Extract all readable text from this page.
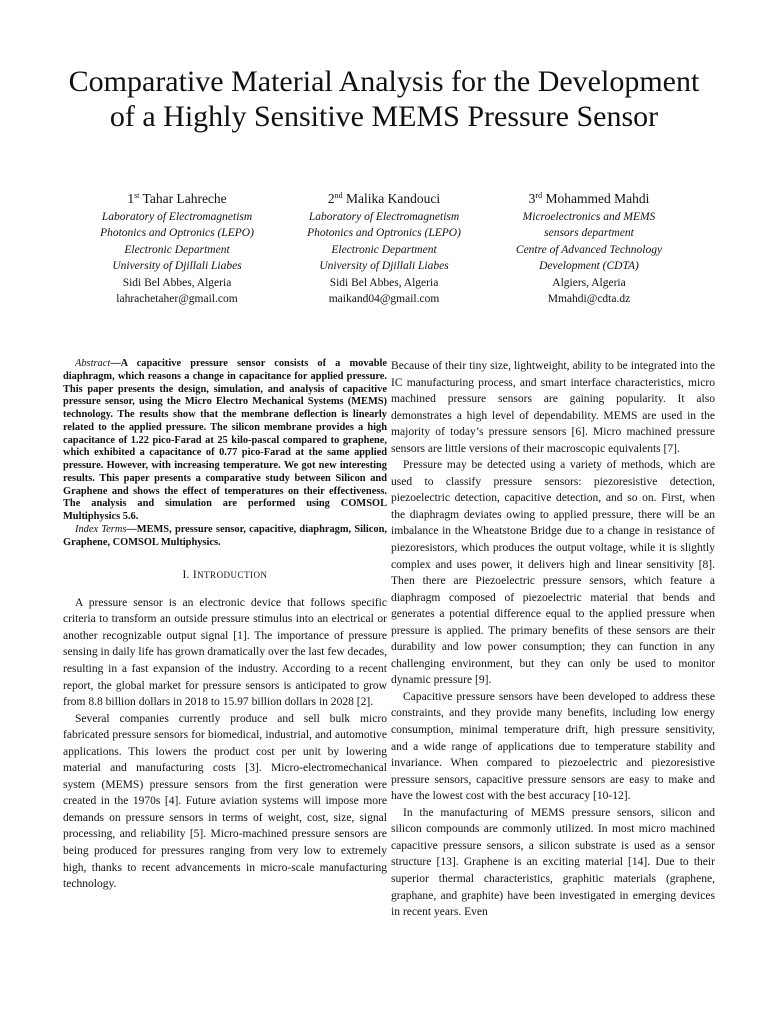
Comparative Material Analysis for the Development
of a Highly Sensitive MEMS Pressure Sensor
1st Tahar Lahreche
Laboratory of Electromagnetism
Photonics and Optronics (LEPO)
Electronic Department
University of Djillali Liabes
Sidi Bel Abbes, Algeria
lahrachetaher@gmail.com
2nd Malika Kandouci
Laboratory of Electromagnetism
Photonics and Optronics (LEPO)
Electronic Department
University of Djillali Liabes
Sidi Bel Abbes, Algeria
maikand04@gmail.com
3rd Mohammed Mahdi
Microelectronics and MEMS
sensors department
Centre of Advanced Technology
Development (CDTA)
Algiers, Algeria
Mmahdi@cdta.dz

Abstract—A capacitive pressure sensor consists of a movable diaphragm, which reasons a change in capacitance for applied pressure. This paper presents the design, simulation, and analysis of capacitive pressure sensor, using the Micro Electro Mechanical Systems (MEMS) technology. The results show that the membrane deflection is linearly related to the applied pressure. The silicon membrane provides a high capacitance of 1.22 pico-Farad at 25 kilo-pascal compared to graphene, which exhibited a capacitance of 0.77 pico-Farad at the same applied pressure. However, with increasing temperature. We got new interesting results. This paper presents a comparative study between Silicon and Graphene and shows the effect of temperatures on their effectiveness. The analysis and simulation are performed using COMSOL Multiphysics 5.6.

Index Terms—MEMS, pressure sensor, capacitive, diaphragm, Silicon, Graphene, COMSOL Multiphysics.

I. INTRODUCTION

A pressure sensor is an electronic device that follows specific criteria to transform an outside pressure stimulus into an electrical or another recognizable output signal [1]. The importance of pressure sensing in daily life has grown dramatically over the last few decades, resulting in a fast expansion of the industry. According to a recent report, the global market for pressure sensors is anticipated to grow from 8.8 billion dollars in 2018 to 15.97 billion dollars in 2028 [2].

Several companies currently produce and sell bulk micro fabricated pressure sensors for biomedical, industrial, and automotive applications. This lowers the product cost per unit by lowering material and manufacturing costs [3]. Micro-electromechanical system (MEMS) pressure sensors from the first generation were created in the 1970s [4]. Future aviation systems will impose more demands on pressure sensors in terms of weight, cost, size, signal processing, and reliability [5]. Micro-machined pressure sensors are being produced for pressures ranging from very low to extremely high, thanks to recent advancements in micro-scale manufacturing technology.

Because of their tiny size, lightweight, ability to be integrated into the IC manufacturing process, and smart interface characteristics, micro machined pressure sensors are gaining popularity. It also demonstrates a high level of dependability. MEMS are used in the majority of today’s pressure sensors [6]. Micro machined pressure sensors are little versions of their macroscopic equivalents [7].

Pressure may be detected using a variety of methods, which are used to classify pressure sensors: piezoresistive detection, piezoelectric detection, capacitive detection, and so on. First, when the diaphragm deviates owing to applied pressure, there will be an imbalance in the Wheatstone Bridge due to a change in resistance of piezoresistors, which produces the output voltage, while it is slightly complex and uses power, it delivers high and linear sensitivity [8]. Then there are Piezoelectric pressure sensors, which feature a diaphragm composed of piezoelectric material that bends and generates a potential difference equal to the applied pressure when pressure is applied. The primary benefits of these sensors are their durability and low power consumption; they can function in any challenging environment, but they can only be used to monitor dynamic pressure [9].

Capacitive pressure sensors have been developed to address these constraints, and they provide many benefits, including low energy consumption, minimal temperature drift, high pressure sensitivity, and a wide range of applications due to temperature stability and invariance. When compared to piezoelectric and piezoresistive pressure sensors, capacitive pressure sensors are easy to make and have the lowest cost with the best accuracy [10-12].

In the manufacturing of MEMS pressure sensors, silicon and silicon compounds are commonly utilized. In most micro machined capacitive pressure sensors, a silicon substrate is used as a sensor structure [13]. Graphene is an exciting material [14]. Due to their superior thermal characteristics, graphitic materials (graphene, graphane, and graphite) have been investigated in emerging devices in recent years. Even
